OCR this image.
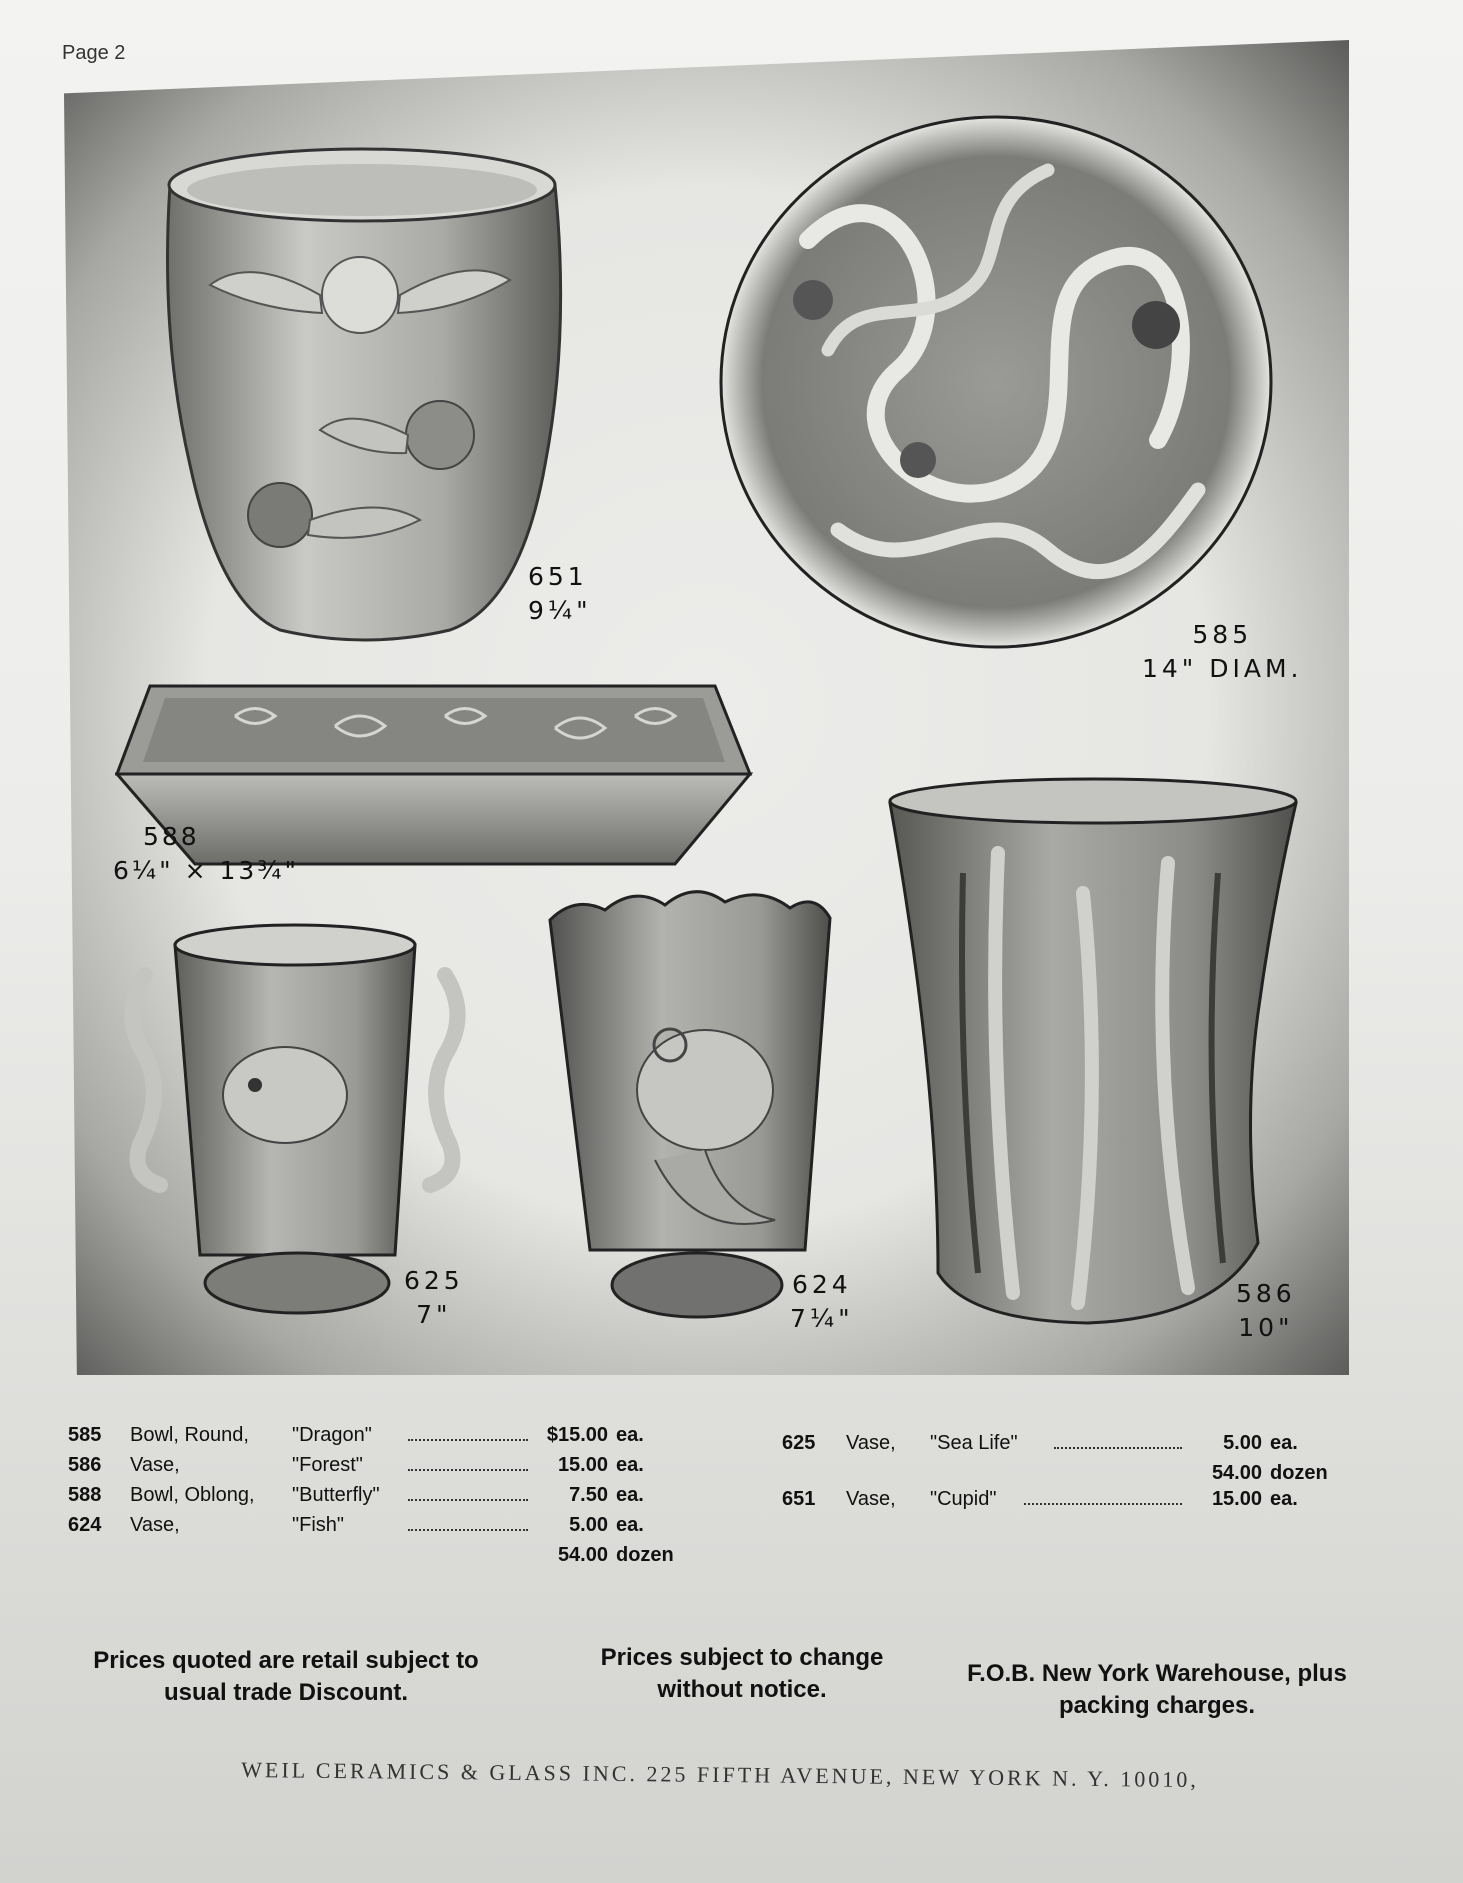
Page 2
651
9¼"
585
14" DIAM.
588
6¼" × 13¾"
625
7"
624
7¼"
586
10"
585	Bowl, Round,	"Dragon"	$15.00 ea.
586	Vase,	"Forest"	15.00 ea.
588	Bowl, Oblong,	"Butterfly"	7.50 ea.
624	Vase,	"Fish"	5.00 ea.
54.00 dozen
625	Vase,	"Sea Life"	5.00 ea.
54.00 dozen
651	Vase,	"Cupid"	15.00 ea.
Prices quoted are retail subject to usual trade Discount.
Prices subject to change without notice.
F.O.B. New York Warehouse, plus packing charges.
WEIL CERAMICS & GLASS INC. 225 FIFTH AVENUE, NEW YORK N. Y. 10010,
